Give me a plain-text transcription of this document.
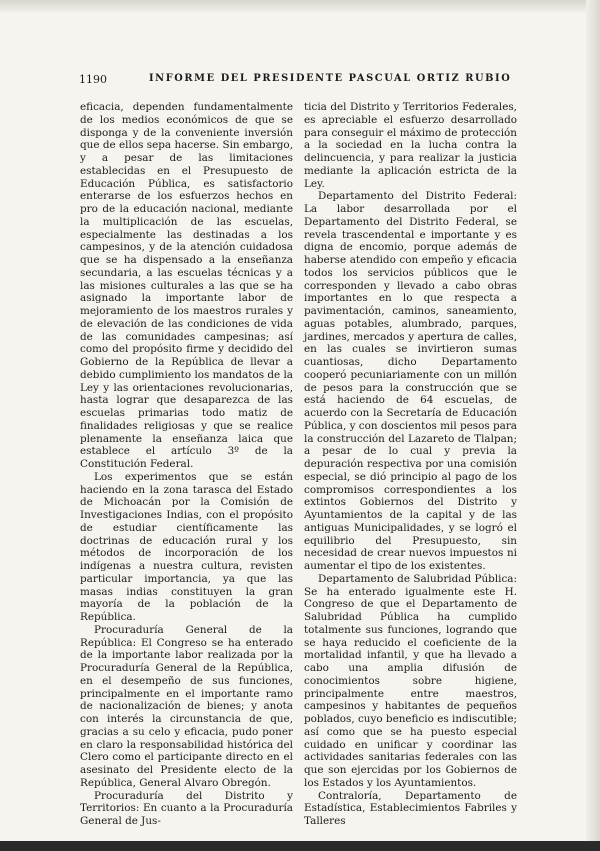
1190	INFORME DEL PRESIDENTE PASCUAL ORTIZ RUBIO

eficacia, dependen fundamentalmente de los medios económicos de que se disponga y de la conveniente inversión que de ellos sepa hacerse. Sin embargo, y a pesar de las limitaciones establecidas en el Presupuesto de Educación Pública, es satisfactorio enterarse de los esfuerzos hechos en pro de la educación nacional, mediante la multiplicación de las escuelas, especialmente las destinadas a los campesinos, y de la atención cuidadosa que se ha dispensado a la enseñanza secundaria, a las escuelas técnicas y a las misiones culturales a las que se ha asignado la importante labor de mejoramiento de los maestros rurales y de elevación de las condiciones de vida de las comunidades campesinas; así como del propósito firme y decidido del Gobierno de la República de llevar a debido cumplimiento los mandatos de la Ley y las orientaciones revolucionarias, hasta lograr que desaparezca de las escuelas primarias todo matiz de finalidades religiosas y que se realice plenamente la enseñanza laica que establece el artículo 3º de la Constitución Federal.

Los experimentos que se están haciendo en la zona tarasca del Estado de Michoacán por la Comisión de Investigaciones Indias, con el propósito de estudiar científicamente las doctrinas de educación rural y los métodos de incorporación de los indígenas a nuestra cultura, revisten particular importancia, ya que las masas indias constituyen la gran mayoría de la población de la República.

Procuraduría General de la República: El Congreso se ha enterado de la importante labor realizada por la Procuraduría General de la República, en el desempeño de sus funciones, principalmente en el importante ramo de nacionalización de bienes; y anota con interés la circunstancia de que, gracias a su celo y eficacia, pudo poner en claro la responsabilidad histórica del Clero como el participante directo en el asesinato del Presidente electo de la República, General Alvaro Obregón.

Procuraduría del Distrito y Territorios: En cuanto a la Procuraduría General de Jus-

ticia del Distrito y Territorios Federales, es apreciable el esfuerzo desarrollado para conseguir el máximo de protección a la sociedad en la lucha contra la delincuencia, y para realizar la justicia mediante la aplicación estricta de la Ley.

Departamento del Distrito Federal: La labor desarrollada por el Departamento del Distrito Federal, se revela trascendental e importante y es digna de encomio, porque además de haberse atendido con empeño y eficacia todos los servicios públicos que le corresponden y llevado a cabo obras importantes en lo que respecta a pavimentación, caminos, saneamiento, aguas potables, alumbrado, parques, jardines, mercados y apertura de calles, en las cuales se invirtieron sumas cuantiosas, dicho Departamento cooperó pecuniariamente con un millón de pesos para la construcción que se está haciendo de 64 escuelas, de acuerdo con la Secretaría de Educación Pública, y con doscientos mil pesos para la construcción del Lazareto de Tlalpan; a pesar de lo cual y previa la depuración respectiva por una comisión especial, se dió principio al pago de los compromisos correspondientes a los extintos Gobiernos del Distrito y Ayuntamientos de la capital y de las antiguas Municipalidades, y se logró el equilibrio del Presupuesto, sin necesidad de crear nuevos impuestos ni aumentar el tipo de los existentes.

Departamento de Salubridad Pública: Se ha enterado igualmente este H. Congreso de que el Departamento de Salubridad Pública ha cumplido totalmente sus funciones, logrando que se haya reducido el coeficiente de la mortalidad infantil, y que ha llevado a cabo una amplia difusión de conocimientos sobre higiene, principalmente entre maestros, campesinos y habitantes de pequeños poblados, cuyo beneficio es indiscutible; así como que se ha puesto especial cuidado en unificar y coordinar las actividades sanitarias federales con las que son ejercidas por los Gobiernos de los Estados y los Ayuntamientos.

Contraloría, Departamento de Estadística, Establecimientos Fabriles y Talleres
